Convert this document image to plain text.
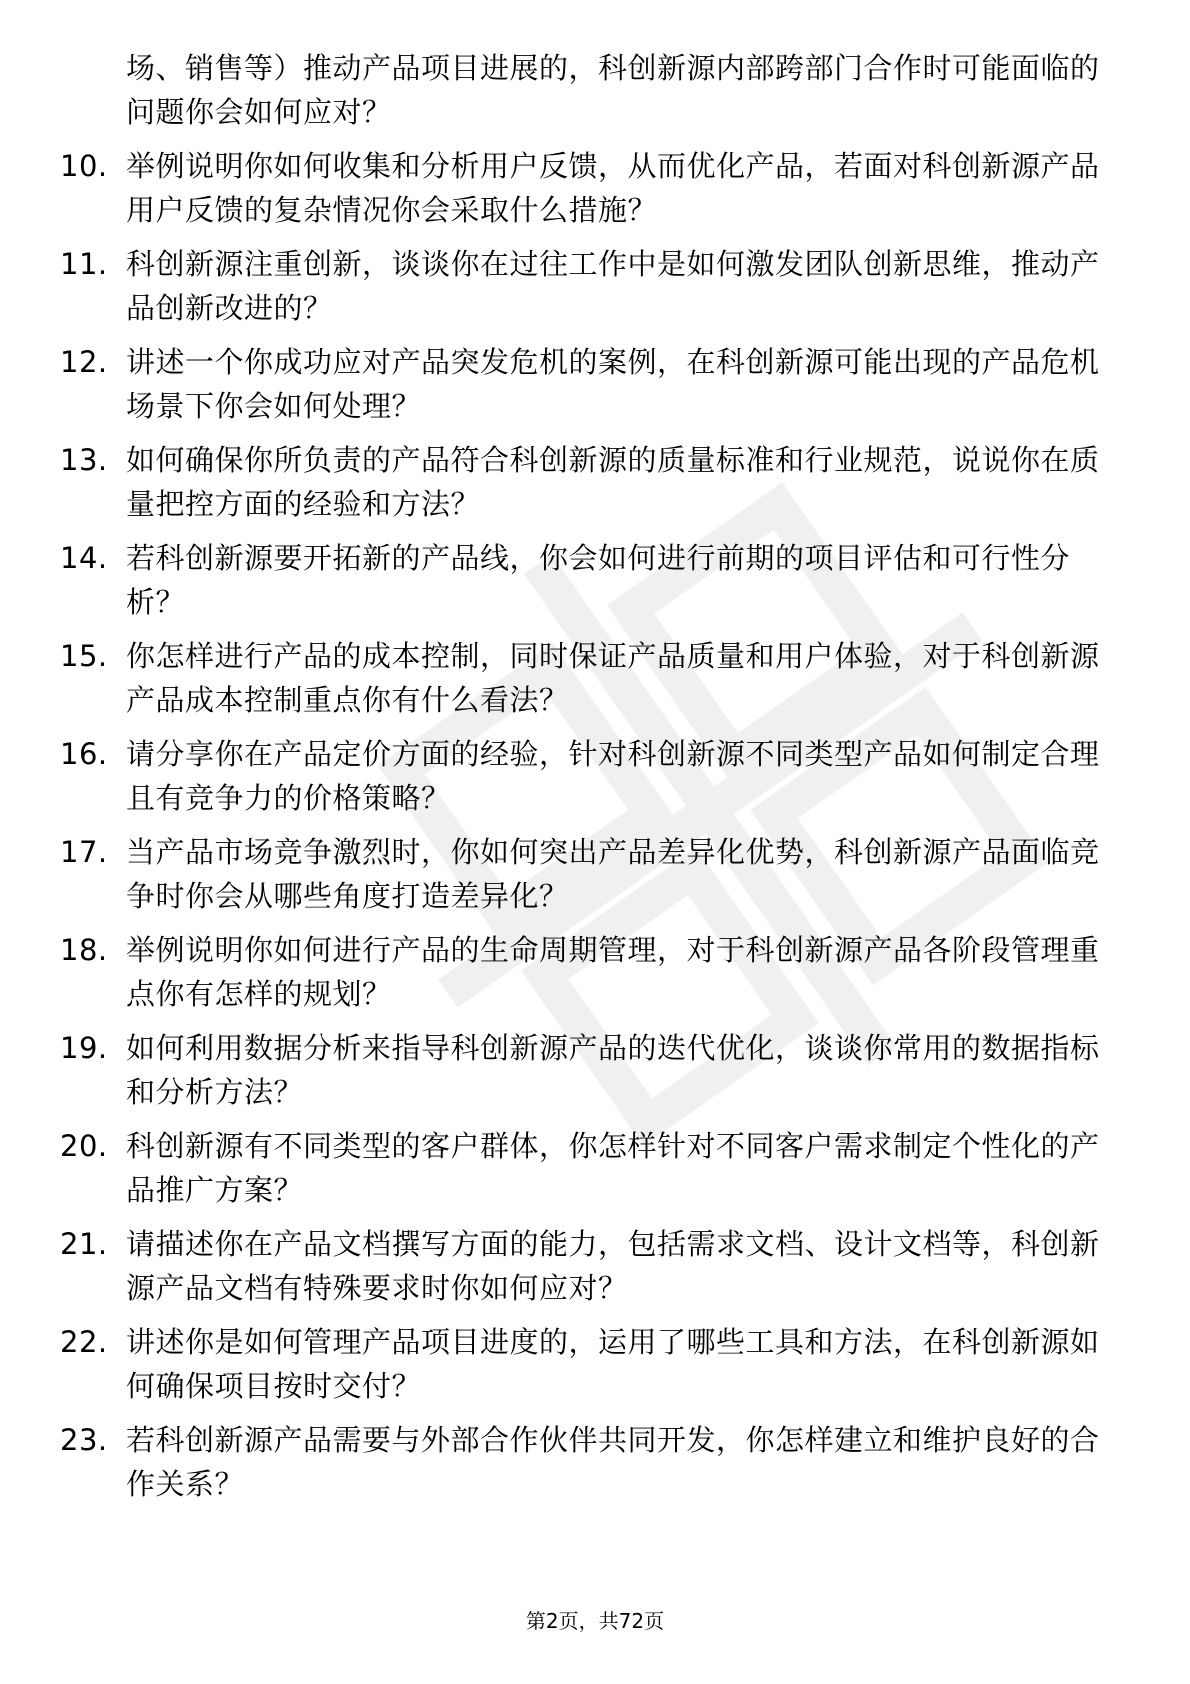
场、销售等）推动产品项目进展的，科创新源内部跨部门合作时可能面临的问题你会如何应对？
10. 举例说明你如何收集和分析用户反馈，从而优化产品，若面对科创新源产品用户反馈的复杂情况你会采取什么措施？
11. 科创新源注重创新，谈谈你在过往工作中是如何激发团队创新思维，推动产品创新改进的？
12. 讲述一个你成功应对产品突发危机的案例，在科创新源可能出现的产品危机场景下你会如何处理？
13. 如何确保你所负责的产品符合科创新源的质量标准和行业规范，说说你在质量把控方面的经验和方法？
14. 若科创新源要开拓新的产品线，你会如何进行前期的项目评估和可行性分析？
15. 你怎样进行产品的成本控制，同时保证产品质量和用户体验，对于科创新源产品成本控制重点你有什么看法？
16. 请分享你在产品定价方面的经验，针对科创新源不同类型产品如何制定合理且有竞争力的价格策略？
17. 当产品市场竞争激烈时，你如何突出产品差异化优势，科创新源产品面临竞争时你会从哪些角度打造差异化？
18. 举例说明你如何进行产品的生命周期管理，对于科创新源产品各阶段管理重点你有怎样的规划？
19. 如何利用数据分析来指导科创新源产品的迭代优化，谈谈你常用的数据指标和分析方法？
20. 科创新源有不同类型的客户群体，你怎样针对不同客户需求制定个性化的产品推广方案？
21. 请描述你在产品文档撰写方面的能力，包括需求文档、设计文档等，科创新源产品文档有特殊要求时你如何应对？
22. 讲述你是如何管理产品项目进度的，运用了哪些工具和方法，在科创新源如何确保项目按时交付？
23. 若科创新源产品需要与外部合作伙伴共同开发，你怎样建立和维护良好的合作关系？
第2页，共72页
